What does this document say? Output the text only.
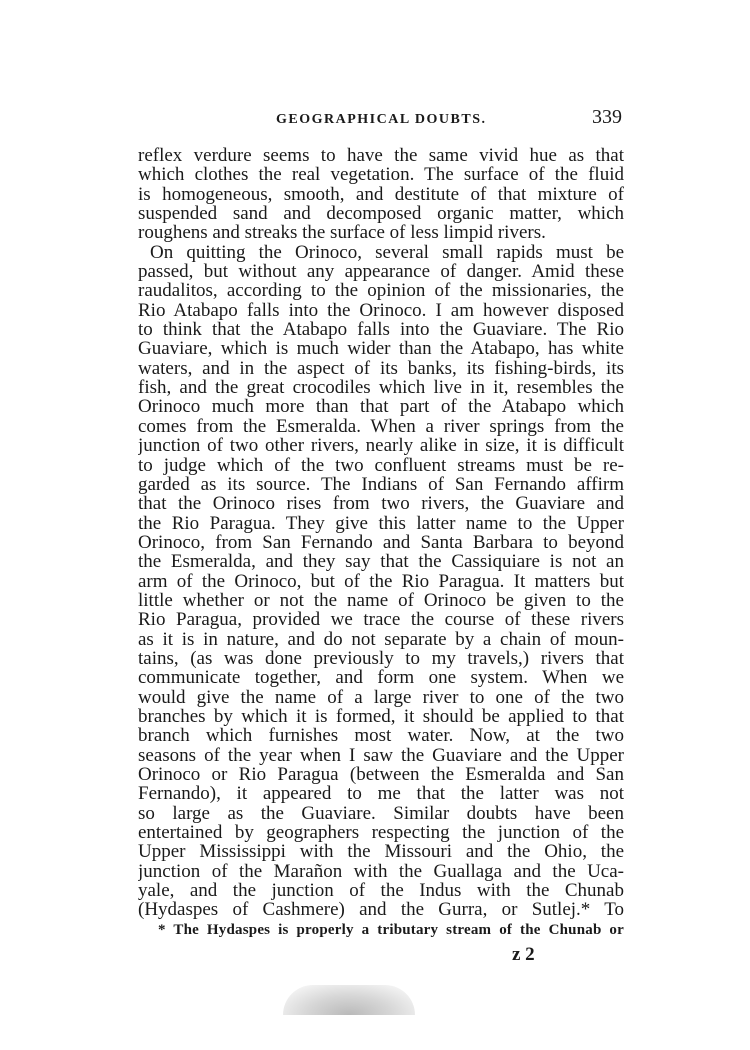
GEOGRAPHICAL DOUBTS.	339
reflex verdure seems to have the same vivid hue as that
which clothes the real vegetation. The surface of the fluid
is homogeneous, smooth, and destitute of that mixture of
suspended sand and decomposed organic matter, which
roughens and streaks the surface of less limpid rivers.
On quitting the Orinoco, several small rapids must be
passed, but without any appearance of danger. Amid these
raudalitos, according to the opinion of the missionaries, the
Rio Atabapo falls into the Orinoco. I am however disposed
to think that the Atabapo falls into the Guaviare. The Rio
Guaviare, which is much wider than the Atabapo, has white
waters, and in the aspect of its banks, its fishing-birds, its
fish, and the great crocodiles which live in it, resembles the
Orinoco much more than that part of the Atabapo which
comes from the Esmeralda. When a river springs from the
junction of two other rivers, nearly alike in size, it is difficult
to judge which of the two confluent streams must be re-
garded as its source. The Indians of San Fernando affirm
that the Orinoco rises from two rivers, the Guaviare and
the Rio Paragua. They give this latter name to the Upper
Orinoco, from San Fernando and Santa Barbara to beyond
the Esmeralda, and they say that the Cassiquiare is not an
arm of the Orinoco, but of the Rio Paragua. It matters but
little whether or not the name of Orinoco be given to the
Rio Paragua, provided we trace the course of these rivers
as it is in nature, and do not separate by a chain of moun-
tains, (as was done previously to my travels,) rivers that
communicate together, and form one system. When we
would give the name of a large river to one of the two
branches by which it is formed, it should be applied to that
branch which furnishes most water. Now, at the two
seasons of the year when I saw the Guaviare and the Upper
Orinoco or Rio Paragua (between the Esmeralda and San
Fernando), it appeared to me that the latter was not
so large as the Guaviare. Similar doubts have been
entertained by geographers respecting the junction of the
Upper Mississippi with the Missouri and the Ohio, the
junction of the Marañon with the Guallaga and the Uca-
yale, and the junction of the Indus with the Chunab
(Hydaspes of Cashmere) and the Gurra, or Sutlej.* To
* The Hydaspes is properly a tributary stream of the Chunab or
z 2
